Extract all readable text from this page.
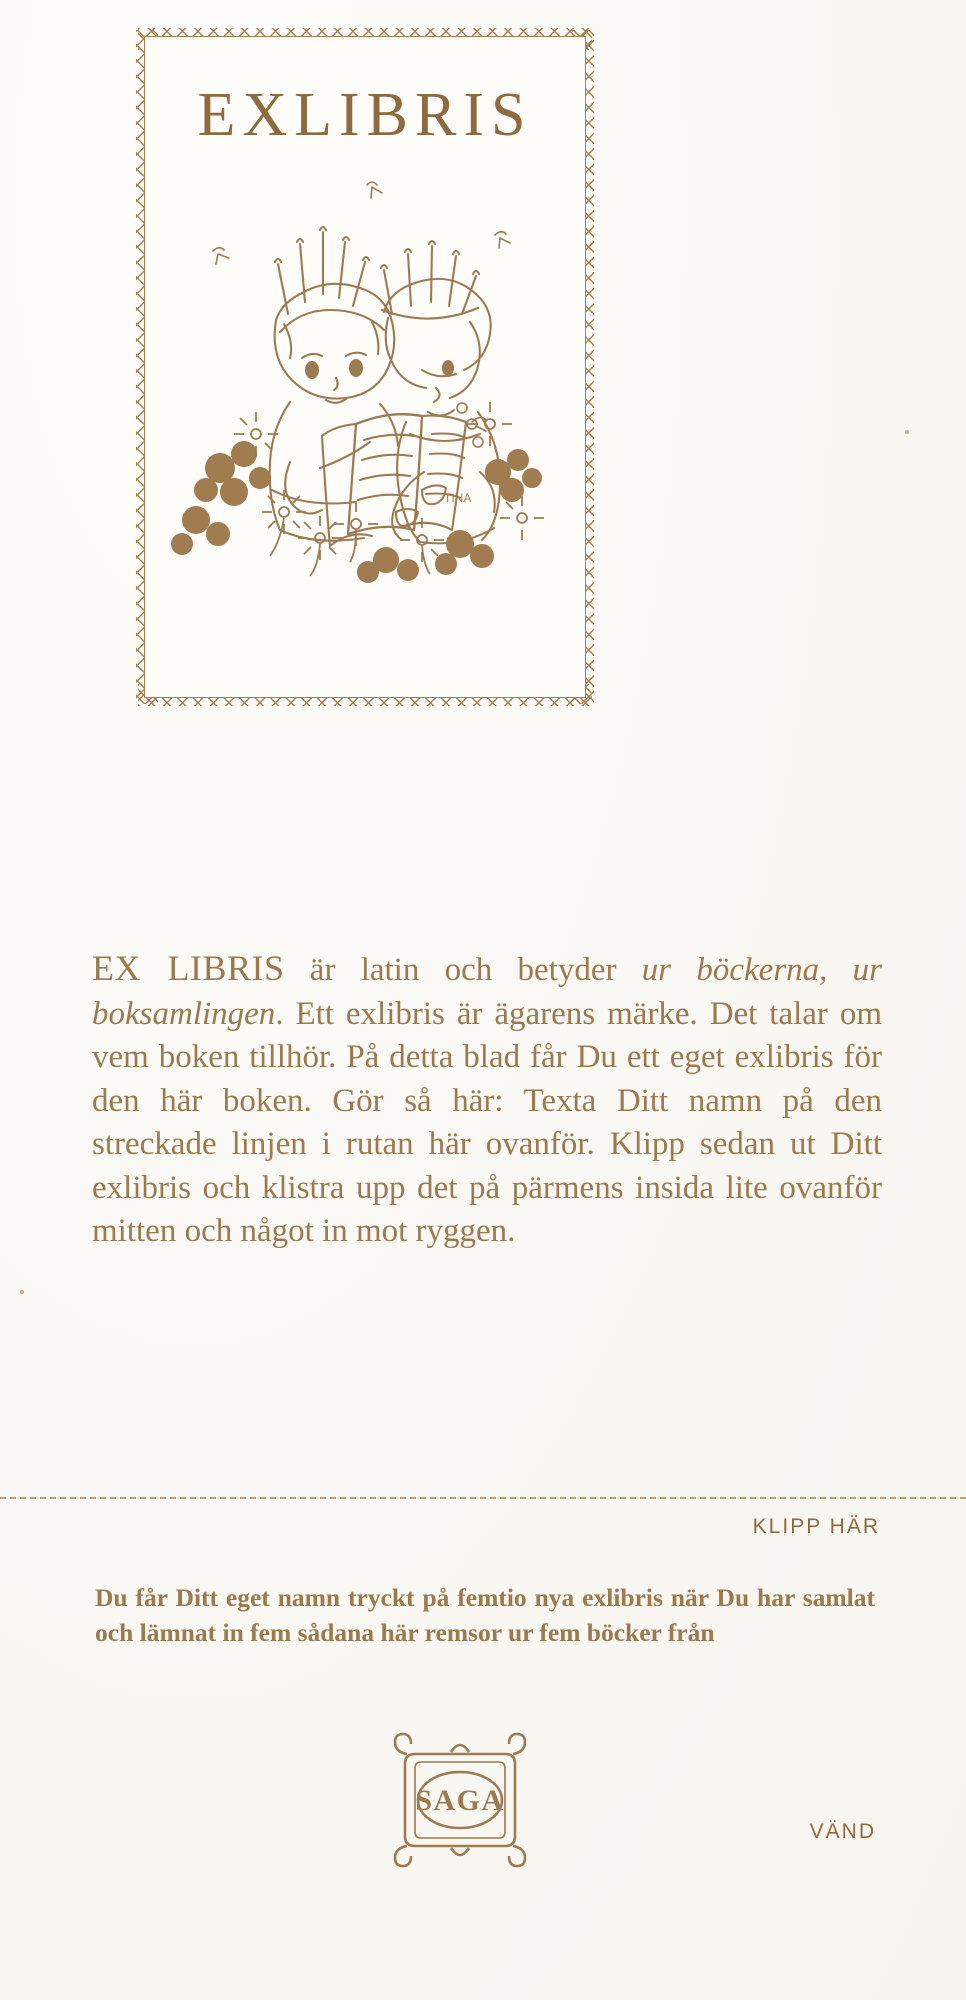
EXLIBRIS
TINA
EX LIBRIS är latin och betyder ur böckerna, ur boksamlingen. Ett exlibris är ägarens märke. Det talar om vem boken tillhör. På detta blad får Du ett eget exlibris för den här boken. Gör så här: Texta Ditt namn på den streckade linjen i rutan här ovanför. Klipp sedan ut Ditt exlibris och klistra upp det på pärmens insida lite ovanför mitten och något in mot ryggen.
KLIPP HÄR
Du får Ditt eget namn tryckt på femtio nya exlibris när Du har samlat och lämnat in fem sådana här remsor ur fem böcker från
SAGA
VÄND
